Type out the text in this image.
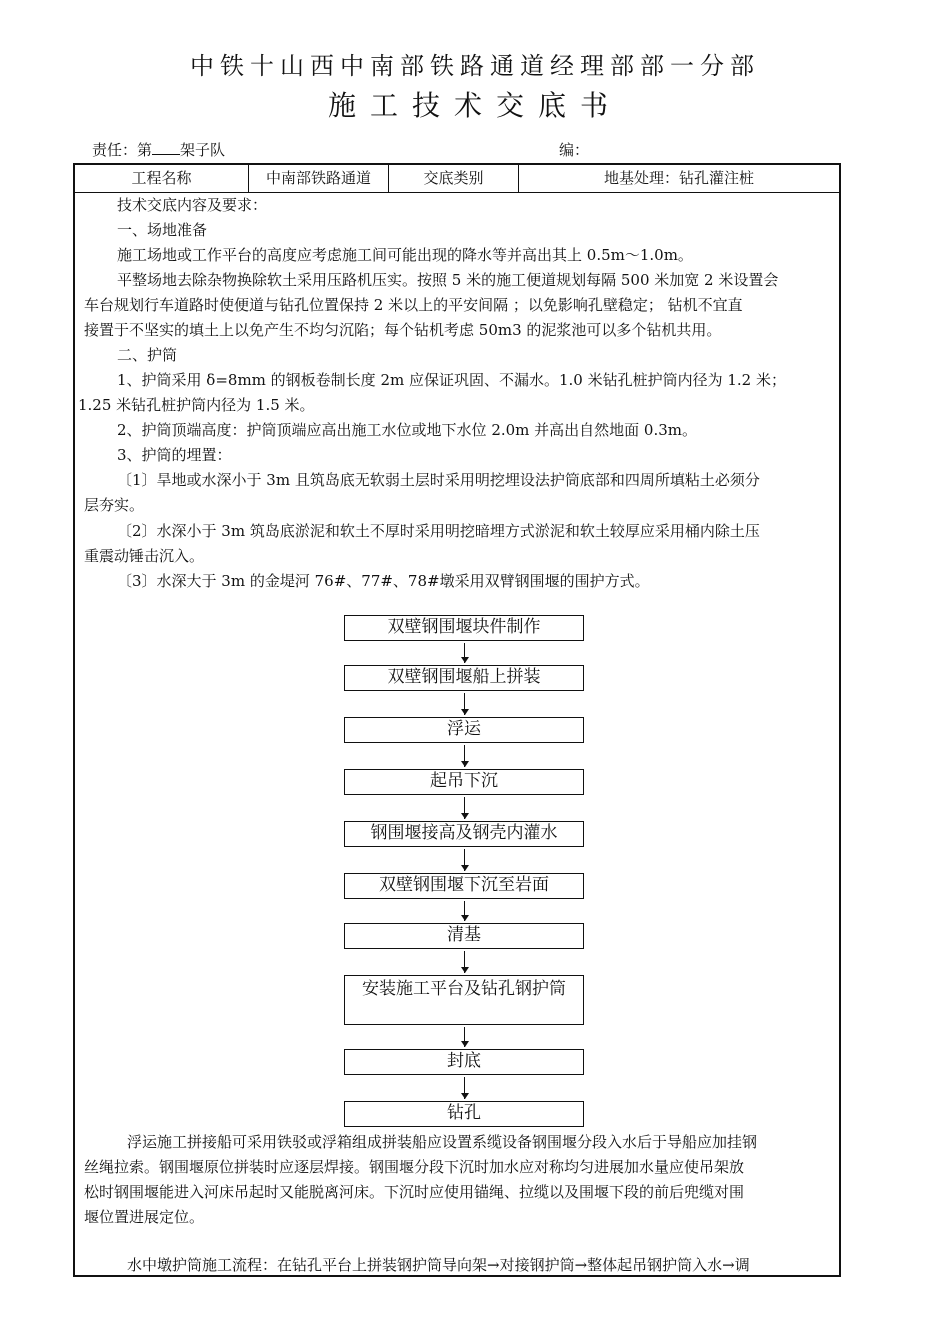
中铁十山西中南部铁路通道经理部部一分部
施工技术交底书
责任：第 架子队	编：
工程名称	中南部铁路通道	交底类别	地基处理：钻孔灌注桩
技术交底内容及要求：
一、场地准备
施工场地或工作平台的高度应考虑施工间可能出现的降水等并高出其上 0.5m～1.0m。
平整场地去除杂物换除软土采用压路机压实。按照 5 米的施工便道规划每隔 500 米加宽 2 米设置会
车台规划行车道路时使便道与钻孔位置保持 2 米以上的平安间隔 ；以免影响孔壁稳定； 钻机不宜直
接置于不坚实的填土上以免产生不均匀沉陷；每个钻机考虑 50m3 的泥浆池可以多个钻机共用。
二、护筒
1、护筒采用 δ=8mm 的钢板卷制长度 2m 应保证巩固、不漏水。1.0 米钻孔桩护筒内径为 1.2 米；
1.25 米钻孔桩护筒内径为 1.5 米。
2、护筒顶端高度：护筒顶端应高出施工水位或地下水位 2.0m 并高出自然地面 0.3m。
3、护筒的埋置：
〔1〕旱地或水深小于 3m 且筑岛底无软弱土层时采用明挖埋设法护筒底部和四周所填粘土必须分
层夯实。
〔2〕水深小于 3m 筑岛底淤泥和软土不厚时采用明挖暗埋方式淤泥和软土较厚应采用桶内除土压
重震动锤击沉入。
〔3〕水深大于 3m 的金堤河 76#、77#、78#墩采用双臂钢围堰的围护方式。
双壁钢围堰块件制作
双壁钢围堰船上拼装
浮运
起吊下沉
钢围堰接高及钢壳内灌水
双壁钢围堰下沉至岩面
清基
安装施工平台及钻孔钢护筒
封底
钻孔
浮运施工拼接船可采用铁驳或浮箱组成拼装船应设置系缆设备钢围堰分段入水后于导船应加挂钢
丝绳拉索。钢围堰原位拼装时应逐层焊接。钢围堰分段下沉时加水应对称均匀进展加水量应使吊架放
松时钢围堰能进入河床吊起时又能脱离河床。下沉时应使用锚绳、拉缆以及围堰下段的前后兜缆对围
堰位置进展定位。
水中墩护筒施工流程：在钻孔平台上拼装钢护筒导向架→对接钢护筒→整体起吊钢护筒入水→调
